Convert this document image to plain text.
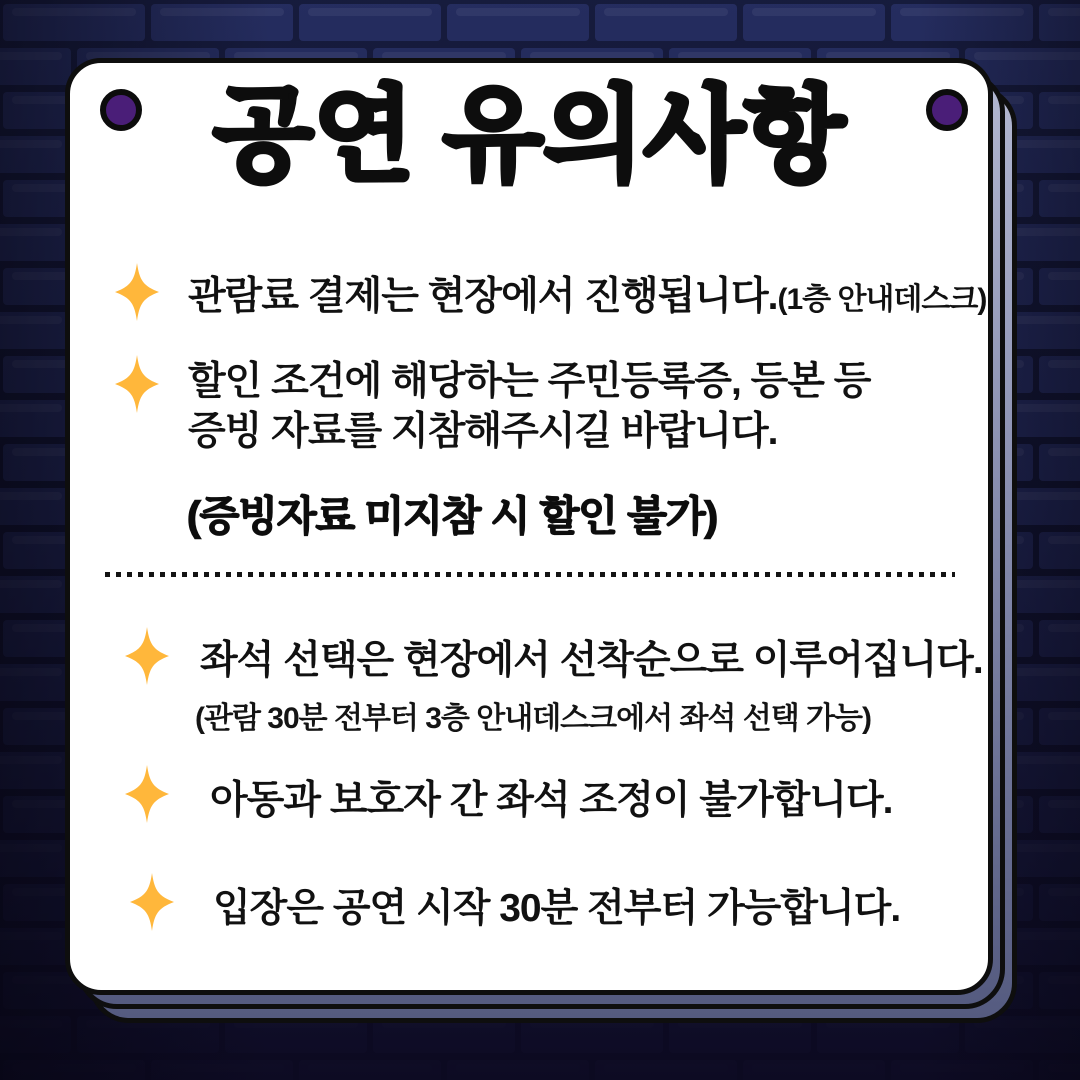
공연 유의사항
관람료 결제는 현장에서 진행됩니다.(1층 안내데스크)
할인 조건에 해당하는 주민등록증, 등본 등
증빙 자료를 지참해주시길 바랍니다.
(증빙자료 미지참 시 할인 불가)
좌석 선택은 현장에서 선착순으로 이루어집니다.
(관람 30분 전부터 3층 안내데스크에서 좌석 선택 가능)
아동과 보호자 간 좌석 조정이 불가합니다.
입장은 공연 시작 30분 전부터 가능합니다.
